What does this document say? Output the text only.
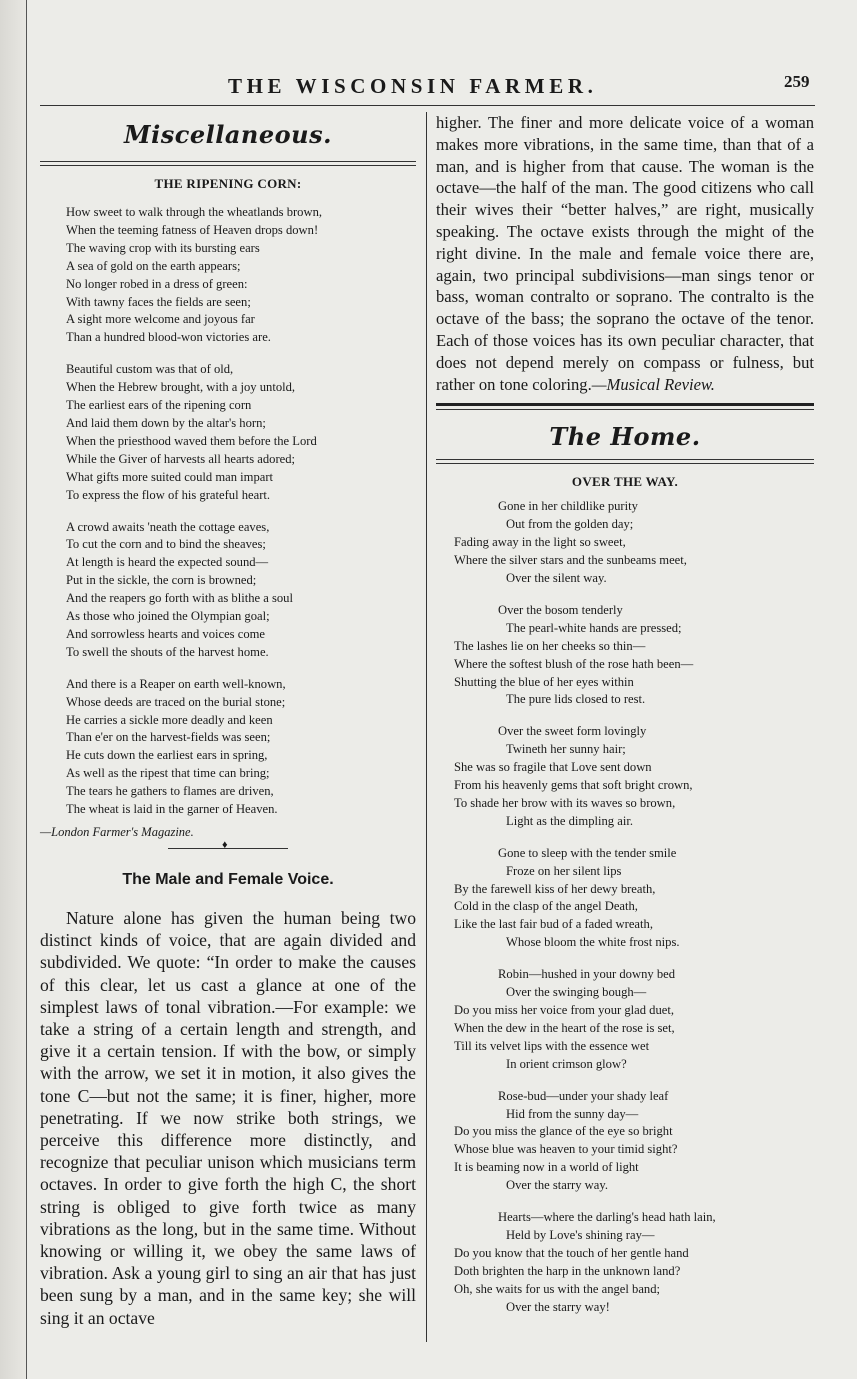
THE WISCONSIN FARMER.	259
Miscellaneous.
THE RIPENING CORN:
How sweet to walk through the wheatlands brown,
When the teeming fatness of Heaven drops down!
The waving crop with its bursting ears
A sea of gold on the earth appears;
No longer robed in a dress of green:
With tawny faces the fields are seen;
A sight more welcome and joyous far
Than a hundred blood-won victories are.
Beautiful custom was that of old,
When the Hebrew brought, with a joy untold,
The earliest ears of the ripening corn
And laid them down by the altar's horn;
When the priesthood waved them before the Lord
While the Giver of harvests all hearts adored;
What gifts more suited could man impart
To express the flow of his grateful heart.
A crowd awaits 'neath the cottage eaves,
To cut the corn and to bind the sheaves;
At length is heard the expected sound—
Put in the sickle, the corn is browned;
And the reapers go forth with as blithe a soul
As those who joined the Olympian goal;
And sorrowless hearts and voices come
To swell the shouts of the harvest home.
And there is a Reaper on earth well-known,
Whose deeds are traced on the burial stone;
He carries a sickle more deadly and keen
Than e'er on the harvest-fields was seen;
He cuts down the earliest ears in spring,
As well as the ripest that time can bring;
The tears he gathers to flames are driven,
The wheat is laid in the garner of Heaven.
—London Farmer's Magazine.
♦
The Male and Female Voice.

Nature alone has given the human being two distinct kinds of voice, that are again divided and subdivided. We quote: “In order to make the causes of this clear, let us cast a glance at one of the simplest laws of tonal vibration.—For example: we take a string of a certain length and strength, and give it a certain tension. If with the bow, or simply with the arrow, we set it in motion, it also gives the tone C—but not the same; it is finer, higher, more penetrating. If we now strike both strings, we perceive this difference more distinctly, and recognize that peculiar unison which musicians term octaves. In order to give forth the high C, the short string is obliged to give forth twice as many vibrations as the long, but in the same time. Without knowing or willing it, we obey the same laws of vibration. Ask a young girl to sing an air that has just been sung by a man, and in the same key; she will sing it an octave

higher. The finer and more delicate voice of a woman makes more vibrations, in the same time, than that of a man, and is higher from that cause. The woman is the octave—the half of the man. The good citizens who call their wives their “better halves,” are right, musically speaking. The octave exists through the might of the right divine. In the male and female voice there are, again, two principal subdivisions—man sings tenor or bass, woman contralto or soprano. The contralto is the octave of the bass; the soprano the octave of the tenor. Each of those voices has its own peculiar character, that does not depend merely on compass or fulness, but rather on tone coloring.—Musical Review.

The Home.
OVER THE WAY.
Gone in her childlike purity
Out from the golden day;
Fading away in the light so sweet,
Where the silver stars and the sunbeams meet,
Over the silent way.
Over the bosom tenderly
The pearl-white hands are pressed;
The lashes lie on her cheeks so thin—
Where the softest blush of the rose hath been—
Shutting the blue of her eyes within
The pure lids closed to rest.
Over the sweet form lovingly
Twineth her sunny hair;
She was so fragile that Love sent down
From his heavenly gems that soft bright crown,
To shade her brow with its waves so brown,
Light as the dimpling air.
Gone to sleep with the tender smile
Froze on her silent lips
By the farewell kiss of her dewy breath,
Cold in the clasp of the angel Death,
Like the last fair bud of a faded wreath,
Whose bloom the white frost nips.
Robin—hushed in your downy bed
Over the swinging bough—
Do you miss her voice from your glad duet,
When the dew in the heart of the rose is set,
Till its velvet lips with the essence wet
In orient crimson glow?
Rose-bud—under your shady leaf
Hid from the sunny day—
Do you miss the glance of the eye so bright
Whose blue was heaven to your timid sight?
It is beaming now in a world of light
Over the starry way.
Hearts—where the darling's head hath lain,
Held by Love's shining ray—
Do you know that the touch of her gentle hand
Doth brighten the harp in the unknown land?
Oh, she waits for us with the angel band;
Over the starry way!
